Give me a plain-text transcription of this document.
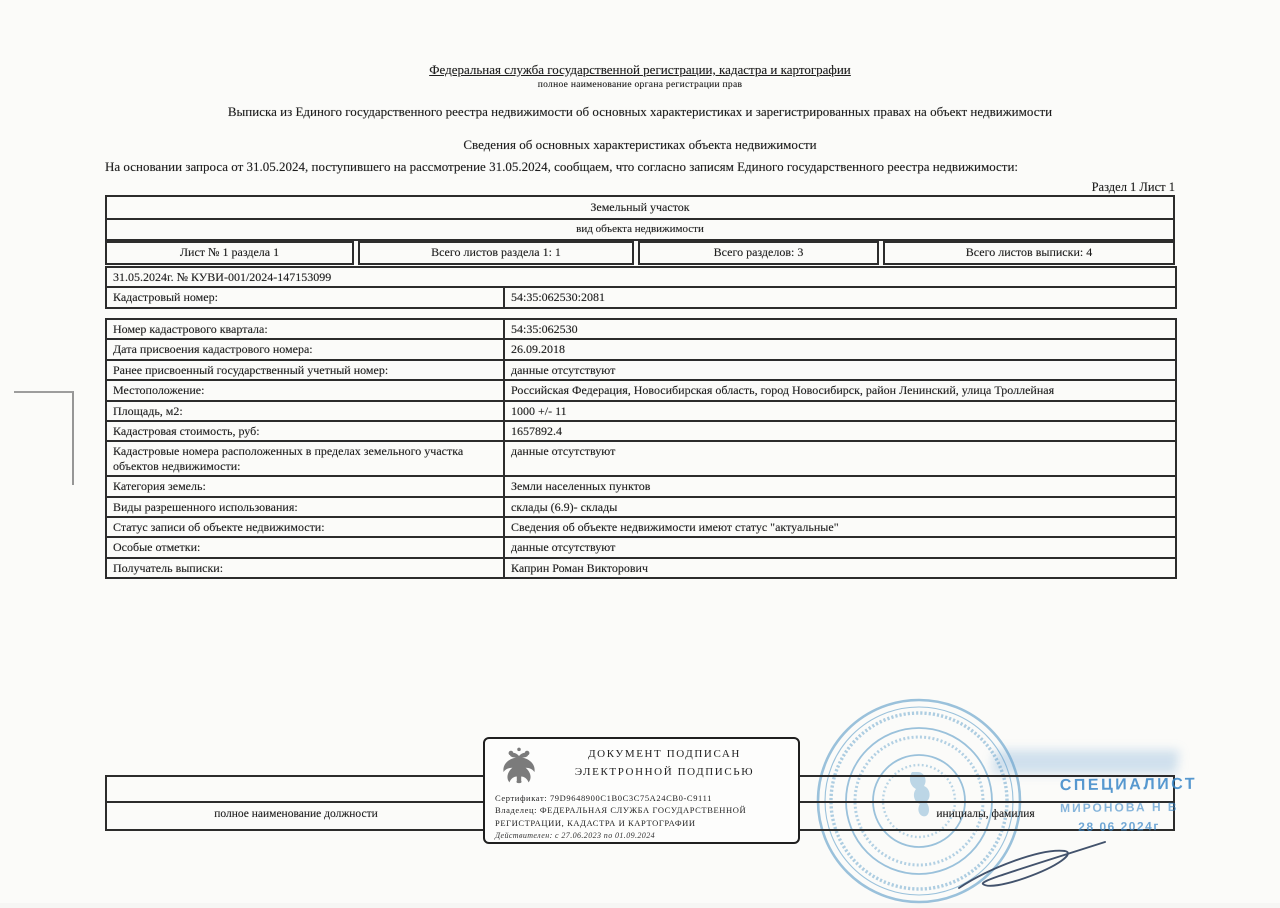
Федеральная служба государственной регистрации, кадастра и картографии
полное наименование органа регистрации прав
Выписка из Единого государственного реестра недвижимости об основных характеристиках и зарегистрированных правах на объект недвижимости
Сведения об основных характеристиках объекта недвижимости
На основании запроса от 31.05.2024, поступившего на рассмотрение 31.05.2024, сообщаем, что согласно записям Единого государственного реестра недвижимости:
Раздел 1 Лист 1
Земельный участок
вид объекта недвижимости
Лист № 1 раздела 1	Всего листов раздела 1: 1	Всего разделов: 3	Всего листов выписки: 4
31.05.2024г. № КУВИ-001/2024-147153099
Кадастровый номер:	54:35:062530:2081
Номер кадастрового квартала:	54:35:062530
Дата присвоения кадастрового номера:	26.09.2018
Ранее присвоенный государственный учетный номер:	данные отсутствуют
Местоположение:	Российская Федерация, Новосибирская область, город Новосибирск, район Ленинский, улица Троллейная
Площадь, м2:	1000 +/- 11
Кадастровая стоимость, руб:	1657892.4
Кадастровые номера расположенных в пределах земельного участка объектов недвижимости:	данные отсутствуют
Категория земель:	Земли населенных пунктов
Виды разрешенного использования:	склады (6.9)- склады
Статус записи об объекте недвижимости:	Сведения об объекте недвижимости имеют статус "актуальные"
Особые отметки:	данные отсутствуют
Получатель выписки:	Каприн Роман Викторович
полное наименование должности	инициалы, фамилия
ДОКУМЕНТ ПОДПИСАН
ЭЛЕКТРОННОЙ ПОДПИСЬЮ
Сертификат: 79D9648900C1B0C3C75A24CB0-C9111
Владелец: ФЕДЕРАЛЬНАЯ СЛУЖБА ГОСУДАРСТВЕННОЙ
РЕГИСТРАЦИИ, КАДАСТРА И КАРТОГРАФИИ
Действителен: с 27.06.2023 по 01.09.2024
СПЕЦИАЛИСТ
МИРОНОВА Н В
28 06 2024г
